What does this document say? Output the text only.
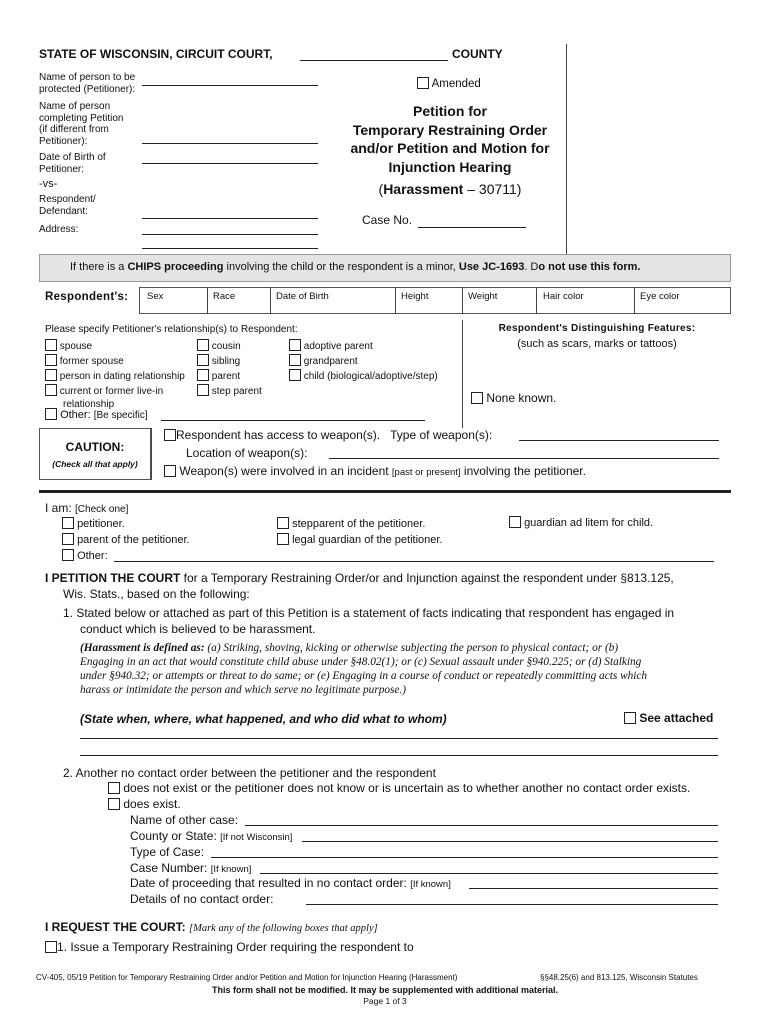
STATE OF WISCONSIN, CIRCUIT COURT,	COUNTY
Name of person to be
protected (Petitioner):
Name of person
completing Petition
(if different from
Petitioner):
Date of Birth of
Petitioner:
-vs-
Respondent/
Defendant:
Address:
Amended
Petition for
Temporary Restraining Order
and/or Petition and Motion for
Injunction Hearing
(Harassment – 30711)
Case No.
If there is a CHIPS proceeding involving the child or the respondent is a minor, Use JC-1693. Do not use this form.
Respondent's: Sex	Race	Date of Birth	Height	Weight	Hair color	Eye color
Please specify Petitioner's relationship(s) to Respondent:
spouse
former spouse
person in dating relationship
current or former live-in
relationship
cousin
sibling
parent
step parent
adoptive parent
grandparent
child (biological/adoptive/step)
Other: [Be specific]
Respondent's Distinguishing Features:
(such as scars, marks or tattoos)
None known.
CAUTION:
(Check all that apply)
Respondent has access to weapon(s). Type of weapon(s):
Location of weapon(s):
Weapon(s) were involved in an incident [past or present] involving the petitioner.
I am: [Check one]
petitioner.
parent of the petitioner.
Other:
stepparent of the petitioner.
legal guardian of the petitioner.
guardian ad litem for child.
I PETITION THE COURT for a Temporary Restraining Order/or and Injunction against the respondent under §813.125,
Wis. Stats., based on the following:
1. Stated below or attached as part of this Petition is a statement of facts indicating that respondent has engaged in
conduct which is believed to be harassment.
(Harassment is defined as: (a) Striking, shoving, kicking or otherwise subjecting the person to physical contact; or (b)
Engaging in an act that would constitute child abuse under §48.02(1); or (c) Sexual assault under §940.225; or (d) Stalking
under §940.32; or attempts or threat to do same; or (e) Engaging in a course of conduct or repeatedly committing acts which
harass or intimidate the person and which serve no legitimate purpose.)
(State when, where, what happened, and who did what to whom)	See attached
2. Another no contact order between the petitioner and the respondent
does not exist or the petitioner does not know or is uncertain as to whether another no contact order exists.
does exist.
Name of other case:
County or State: [If not Wisconsin]
Type of Case:
Case Number: [If known]
Date of proceeding that resulted in no contact order: [If known]
Details of no contact order:
I REQUEST THE COURT: [Mark any of the following boxes that apply]
1. Issue a Temporary Restraining Order requiring the respondent to
CV-405, 05/19 Petition for Temporary Restraining Order and/or Petition and Motion for Injunction Hearing (Harassment)	§§48.25(6) and 813.125, Wisconsin Statutes
This form shall not be modified. It may be supplemented with additional material.
Page 1 of 3
